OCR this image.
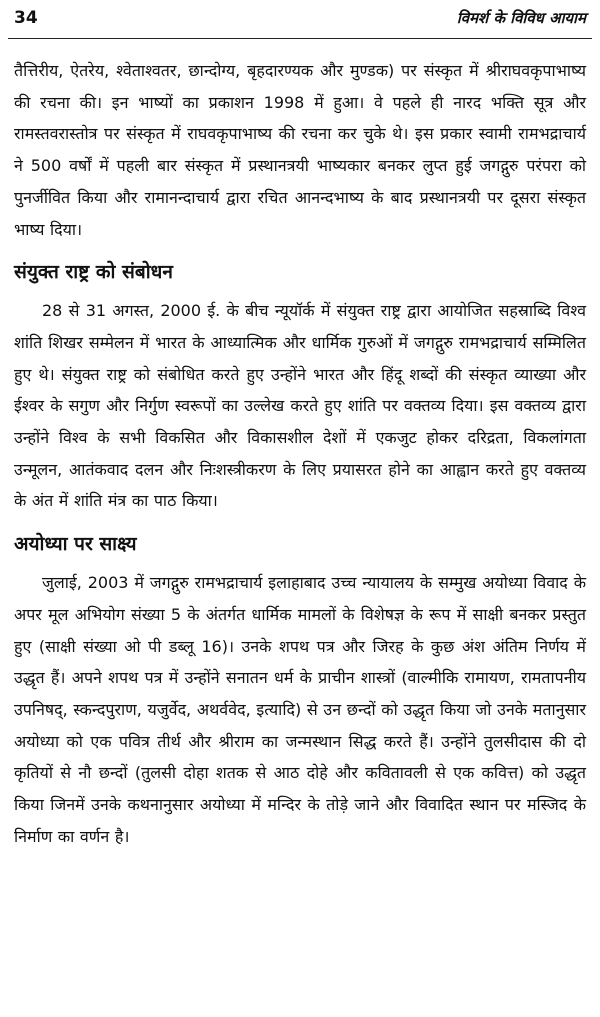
34	विमर्श के विविध आयाम

तैत्तिरीय, ऐतरेय, श्वेताश्वतर, छान्दोग्य, बृहदारण्यक और मुण्डक) पर संस्कृत में श्रीराघवकृपाभाष्य की रचना की। इन भाष्यों का प्रकाशन 1998 में हुआ। वे पहले ही नारद भक्ति सूत्र और रामस्तवरास्तोत्र पर संस्कृत में राघवकृपाभाष्य की रचना कर चुके थे। इस प्रकार स्वामी रामभद्राचार्य ने 500 वर्षों में पहली बार संस्कृत में प्रस्थानत्रयी भाष्यकार बनकर लुप्त हुई जगद्गुरु परंपरा को पुनर्जीवित किया और रामानन्दाचार्य द्वारा रचित आनन्दभाष्य के बाद प्रस्थानत्रयी पर दूसरा संस्कृत भाष्य दिया।

संयुक्त राष्ट्र को संबोधन

28 से 31 अगस्त, 2000 ई. के बीच न्यूयॉर्क में संयुक्त राष्ट्र द्वारा आयोजित सहस्राब्दि विश्व शांति शिखर सम्मेलन में भारत के आध्यात्मिक और धार्मिक गुरुओं में जगद्गुरु रामभद्राचार्य सम्मिलित हुए थे। संयुक्त राष्ट्र को संबोधित करते हुए उन्होंने भारत और हिंदू शब्दों की संस्कृत व्याख्या और ईश्वर के सगुण और निर्गुण स्वरूपों का उल्लेख करते हुए शांति पर वक्तव्य दिया। इस वक्तव्य द्वारा उन्होंने विश्व के सभी विकसित और विकासशील देशों में एकजुट होकर दरिद्रता, विकलांगता उन्मूलन, आतंकवाद दलन और निःशस्त्रीकरण के लिए प्रयासरत होने का आह्वान करते हुए वक्तव्य के अंत में शांति मंत्र का पाठ किया।

अयोध्या पर साक्ष्य

जुलाई, 2003 में जगद्गुरु रामभद्राचार्य इलाहाबाद उच्च न्यायालय के सम्मुख अयोध्या विवाद के अपर मूल अभियोग संख्या 5 के अंतर्गत धार्मिक मामलों के विशेषज्ञ के रूप में साक्षी बनकर प्रस्तुत हुए (साक्षी संख्या ओ पी डब्लू 16)। उनके शपथ पत्र और जिरह के कुछ अंश अंतिम निर्णय में उद्धृत हैं। अपने शपथ पत्र में उन्होंने सनातन धर्म के प्राचीन शास्त्रों (वाल्मीकि रामायण, रामतापनीय उपनिषद्, स्कन्दपुराण, यजुर्वेद, अथर्ववेद, इत्यादि) से उन छन्दों को उद्धृत किया जो उनके मतानुसार अयोध्या को एक पवित्र तीर्थ और श्रीराम का जन्मस्थान सिद्ध करते हैं। उन्होंने तुलसीदास की दो कृतियों से नौ छन्दों (तुलसी दोहा शतक से आठ दोहे और कवितावली से एक कवित्त) को उद्धृत किया जिनमें उनके कथनानुसार अयोध्या में मन्दिर के तोड़े जाने और विवादित स्थान पर मस्जिद के निर्माण का वर्णन है।
